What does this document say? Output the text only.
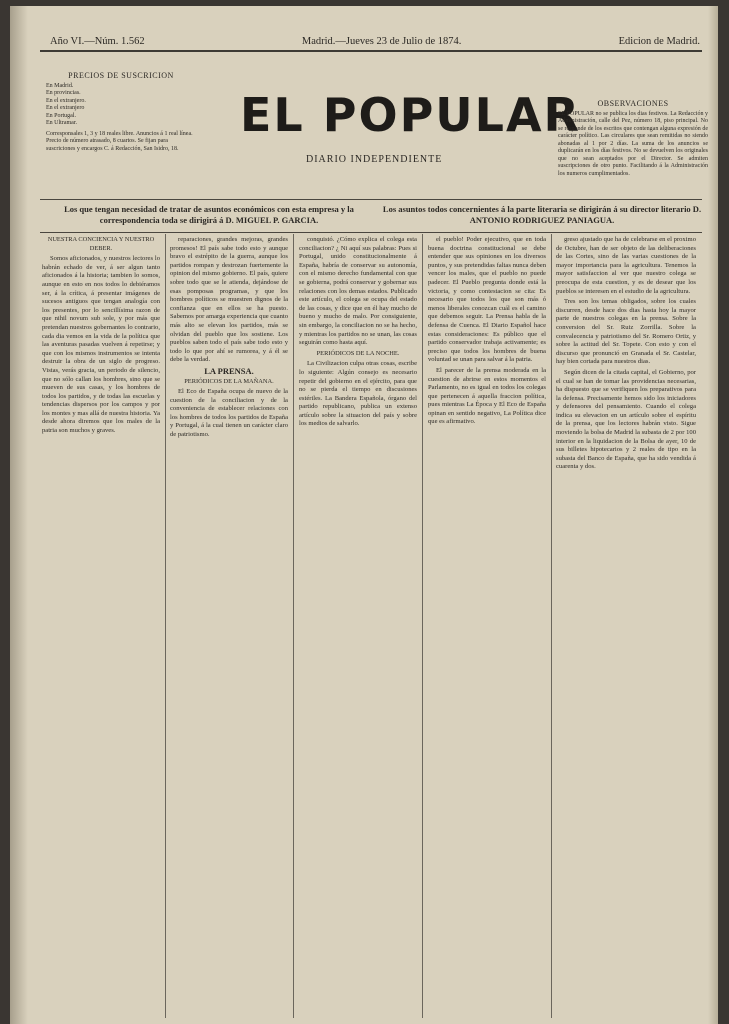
Año VI.—Núm. 1.562	Madrid.—Jueves 23 de Julio de 1874.	Edicion de Madrid.
PRECIOS DE SUSCRICION
En Madrid.
En provincias.
En el extranjero.
En el extranjero
En Portugal.
En Ultramar.
Corresponsales 1, 3 y 18 reales libre. Anuncios á 1 real línea. Precio de número atrasado, 8 cuartos. Se fijan para suscriciones y encargos C. á Redacción, San Isidro, 18.
EL POPULAR
DIARIO INDEPENDIENTE
OBSERVACIONES
EL POPULAR no se publica los dias festivos. La Redacción y Administración, calle del Pez, número 18, piso principal. No se responde de los escritos que contengan alguna expresión de carácter político. Las circulares que sean remitidas no siendo abonadas al 1 por 2 días. La suma de los anuncios se duplicarán en los días festivos. No se devuelven los originales que no sean aceptados por el Director. Se admiten suscripciones de otro punto. Facilitando á la Administración los numeros cumplimentados.
Los que tengan necesidad de tratar de asuntos económicos con esta empresa y la correspondencia toda se dirigirá á D. MIGUEL P. GARCIA.
Los asuntos todos concernientes á la parte literaria se dirigirán á su director literario D. ANTONIO RODRIGUEZ PANIAGUA.

NUESTRA CONCIENCIA Y NUESTRO DEBER.

Somos aficionados, y nuestros lectores lo habrán echado de ver, á ser algun tanto aficionados á la historia; tambien lo somos, aunque en esto en nos todos lo debiéramos ser, á la crítica, á presentar imágenes de sucesos antiguos que tengan analogía con los presentes, por lo sencillísima razon de que nihil novum sub sole, y por más que pretendan nuestros gobernantes lo contrario, cada dia vemos en la vida de la política que las aventuras pasadas vuelven á repetirse; y que con los mismos instrumentos se intenta destruir la obra de un siglo de progreso. Vistas, verás gracia, un periodo de silencio, que no sólo callan los hombres, sino que se mueven de sus casas, y los hombres de todos los partidos, y de todas las escuelas y tendencias dispersos por los campos y por los montes y mas allá de nuestra historia. Ya desde ahora diremos que los males de la patria son muchos y graves.

reparaciones, grandes mejoras, grandes promesos! El país sabe todo esto y aunque bravo el estrépito de la guerra, aunque los partidos rompan y destrozan fuertemente la opinion del mismo gobierno. El país, quiere sobre todo que se le atienda, dejándose de esas pomposas programas, y que los hombres políticos se muestren dignos de la confianza que en ellos se ha puesto. Sabemos por amarga experiencia que cuanto más alto se elevan los partidos, más se olvidan del pueblo que los sostiene. Los pueblos saben todo el país sabe todo esto y todo lo que por ahí se rumorea, y á él se debe la verdad.

LA PRENSA.

PERIÓDICOS DE LA MAÑANA.

El Eco de España ocupa de nuevo de la cuestion de la conciliacion y de la conveniencia de establecer relaciones con los hombres de todos los partidos de España y Portugal, á la cual tienen un carácter claro de patriotismo.

conquistó. ¿Cómo explica el colega esta conciliacion? ¿ Ni aquí sus palabras: Pues si Portugal, unido constitucionalmente á España, habría de conservar su autonomía, con el mismo derecho fundamental con que se gobierna, podrá conservar y gobernar sus relaciones con los demas estados. Publicado este artículo, el colega se ocupa del estado de las cosas, y dice que en él hay mucho de bueno y mucho de malo. Por consiguiente, sin embargo, la conciliacion no se ha hecho, y mientras los partidos no se unan, las cosas seguirán como hasta aquí.

PERIÓDICOS DE LA NOCHE.

La Civilizacion culpa otras cosas, escribe lo siguiente: Algún consejo es necesario repetir del gobierno en el ejército, para que no se pierda el tiempo en discusiones estériles. La Bandera Española, órgano del partido republicano, publica un extenso artículo sobre la situacion del país y sobre los medios de salvarlo.

el pueblo! Poder ejecutivo, que en toda buena doctrina constitucional se debe entender que sus opiniones en los diversos puntos, y sus pretendidas faltas nunca deben vencer los males, que el pueblo no puede padecer. El Pueblo pregunta donde está la victoria, y como contestacion se cita: Es necesario que todos los que son más ó menos liberales conozcan cuál es el camino que debemos seguir. La Prensa habla de la defensa de Cuenca. El Diario Español hace estas consideraciones: Es público que el partido conservador trabaja activamente; es preciso que todos los hombres de buena voluntad se unan para salvar á la patria.

El parecer de la prensa moderada en la cuestion de abrirse en estos momentos el Parlamento, no es igual en todos los colegas que pertenecen á aquella fraccion política, pues mientras La Época y El Eco de España opinan en sentido negativo, La Política dice que es afirmativo.

greso ajustado que ha de celebrarse en el proximo de Octubre, han de ser objeto de las deliberaciones de las Cortes, sino de las varias cuestiones de la mayor importancia para la agricultura. Tenemos la mayor satisfaccion al ver que nuestro colega se preocupa de esta cuestion, y es de desear que los pueblos se interesen en el estudio de la agricultura.

Tres son los temas obligados, sobre los cuales discurren, desde hace dos dias hasta hoy la mayor parte de nuestros colegas en la prensa. Sobre la conversion del Sr. Ruiz Zorrilla. Sobre la convalecencia y patriotismo del Sr. Romero Ortiz, y sobre la actitud del Sr. Topete. Con esto y con el discurso que pronunció en Granada el Sr. Castelar, hay bien cortada para nuestros dias.

Según dicen de la citada capital, el Gobierno, por el cual se han de tomar las providencias necesarias, ha dispuesto que se verifiquen los preparativos para la defensa. Precisamente hemos sido los iniciadores y defensores del pensamiento. Cuando el colega indica su elevacion en un artículo sobre el espíritu de la prensa, que los lectores habrán visto. Sigue moviendo la bolsa de Madrid la subasta de 2 por 100 interior en la liquidacion de la Bolsa de ayer, 10 de sus billetes hipotecarios y 2 reales de tipo en la subasta del Banco de España, que ha sido vendida á cuarenta y dos.
